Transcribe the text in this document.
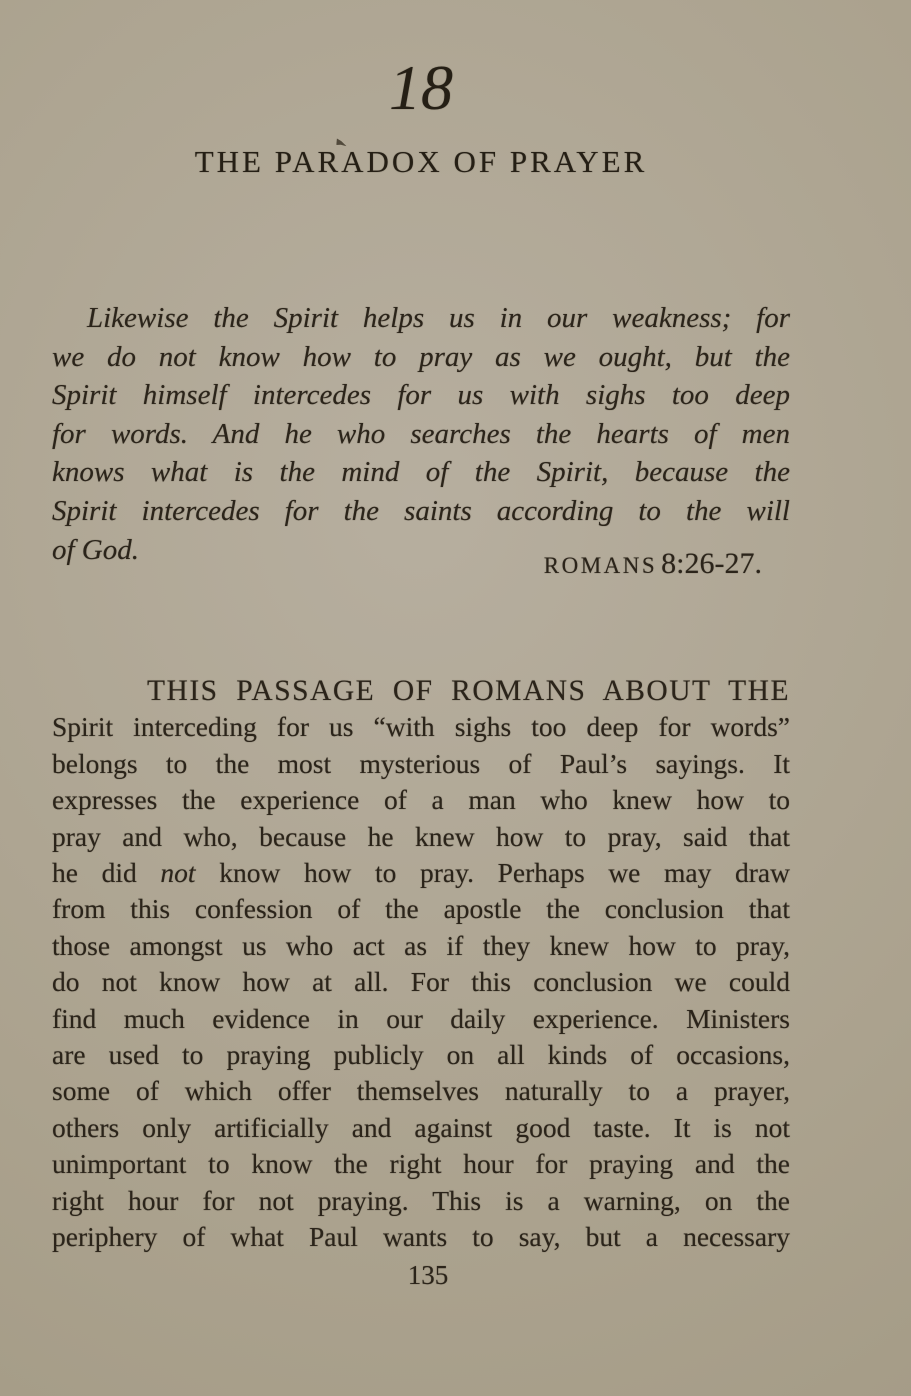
18
THE PARADOX OF PRAYER
Likewise the Spirit helps us in our weakness; for
we do not know how to pray as we ought, but the
Spirit himself intercedes for us with sighs too deep
for words. And he who searches the hearts of men
knows what is the mind of the Spirit, because the
Spirit intercedes for the saints according to the will
of God.	ROMANS 8:26-27.
THIS PASSAGE OF ROMANS ABOUT THE
Spirit interceding for us “with sighs too deep for words”
belongs to the most mysterious of Paul’s sayings. It
expresses the experience of a man who knew how to
pray and who, because he knew how to pray, said that
he did not know how to pray. Perhaps we may draw
from this confession of the apostle the conclusion that
those amongst us who act as if they knew how to pray,
do not know how at all. For this conclusion we could
find much evidence in our daily experience. Ministers
are used to praying publicly on all kinds of occasions,
some of which offer themselves naturally to a prayer,
others only artificially and against good taste. It is not
unimportant to know the right hour for praying and the
right hour for not praying. This is a warning, on the
periphery of what Paul wants to say, but a necessary
135
